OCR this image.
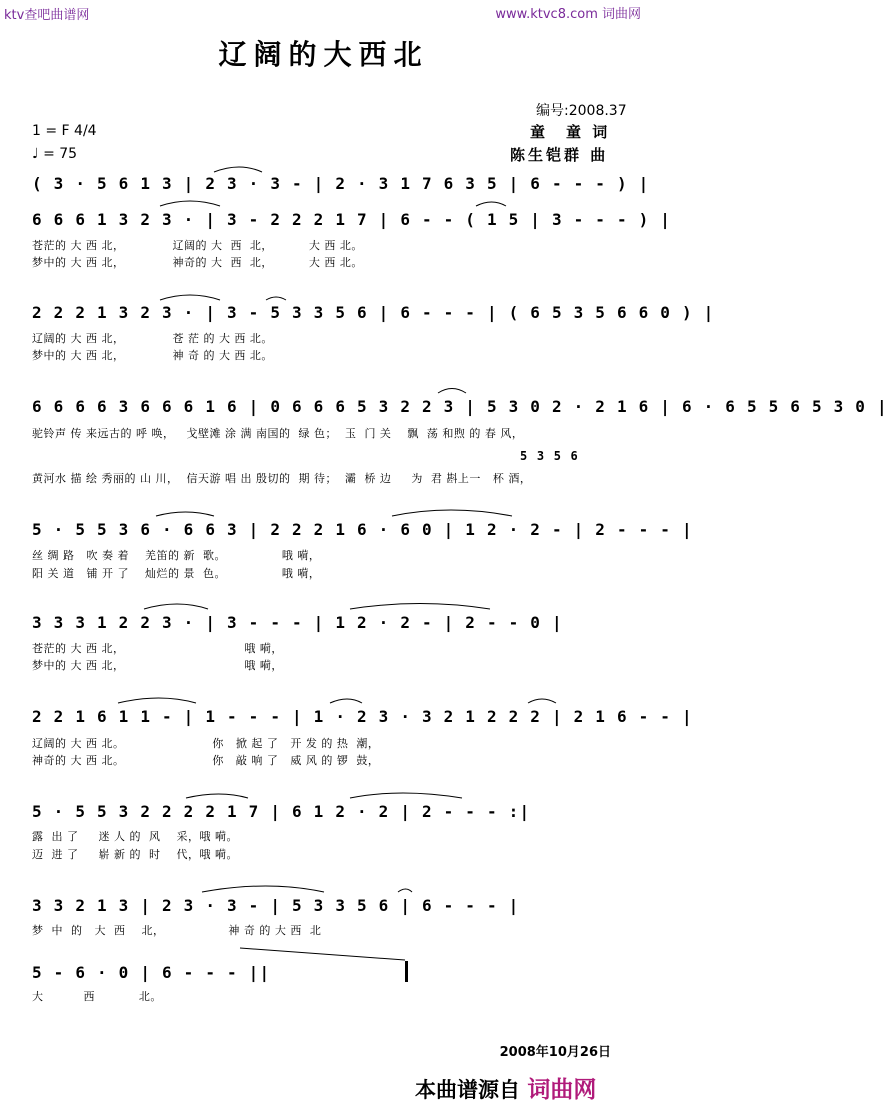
ktv查吧曲谱网	www.ktvc8.com 词曲网
辽阔的大西北
编号:2008.37
1 = F 4/4
♩ = 75
童　童 词
陈生铠群 曲
( 3 · 5 6 1 3 | 2 3 · 3 - | 2 · 3 1 7 6 3 5 | 6 - - - ) |
6 6 6 1 3 2 3 · | 3 - 2 2 2 1 7 | 6 - - ( 1 5 | 3 - - - ) |
苍茫的 大 西 北，            辽阔的 大  西  北，         大 西 北。
梦中的 大 西 北，            神奇的 大  西  北，         大 西 北。
2 2 2 1 3 2 3 · | 3 - 5 3 3 5 6 | 6 - - - | ( 6 5 3 5 6 6 0 ) |
辽阔的 大 西 北，            苍 茫 的 大 西 北。
梦中的 大 西 北，            神 奇 的 大 西 北。
6 6 6 6 3 6 6 6 1 6 | 0 6 6 6 5 3 2 2 3 | 5 3 0 2 · 2 1 6 | 6 · 6 5 5 6 5 3 0 |
驼铃声 传 来远古的 呼 唤，   戈壁滩 涂 满 南国的  绿 色；  玉  门 关    飘  荡 和煦 的 春 风，
5 3 5 6
黄河水 描 绘 秀丽的 山 川，  信天游 唱 出 殷切的  期 待；  灞  桥 边     为  君 斟上一   杯 酒，
5 · 5 5 3 6 · 6 6 3 | 2 2 2 1 6 · 6 0 | 1 2 · 2 - | 2 - - - |
丝 绸 路   吹 奏 着    羌笛的 新  歌。              哦 嗬，
阳 关 道   铺 开 了    灿烂的 景  色。              哦 嗬，
3 3 3 1 2 2 3 · | 3 - - - | 1 2 · 2 - | 2 - - 0 |
苍茫的 大 西 北，                              哦 嗬，
梦中的 大 西 北，                              哦 嗬，
2 2 1 6 1 1 - | 1 - - - | 1 · 2 3 · 3 2 1 2 2 2 | 2 1 6 - - |
辽阔的 大 西 北。                      你   掀 起 了   开 发 的 热  潮，
神奇的 大 西 北。                      你   敲 响 了   威 风 的 锣  鼓，
5 · 5 5 3 2 2 2 2 1 7 | 6 1 2 · 2 | 2 - - - :|
露  出 了     迷 人 的  风    采，哦 嗬。
迈  进 了     崭 新 的  时    代，哦 嗬。
3 3 2 1 3 | 2 3 · 3 - | 5 3 3 5 6 | 6 - - - |
梦  中  的   大  西    北，                神 奇 的 大 西  北
5 - 6 · 0 | 6 - - - ||
大          西           北。
2008年10月26日
本曲谱源自 词曲网
